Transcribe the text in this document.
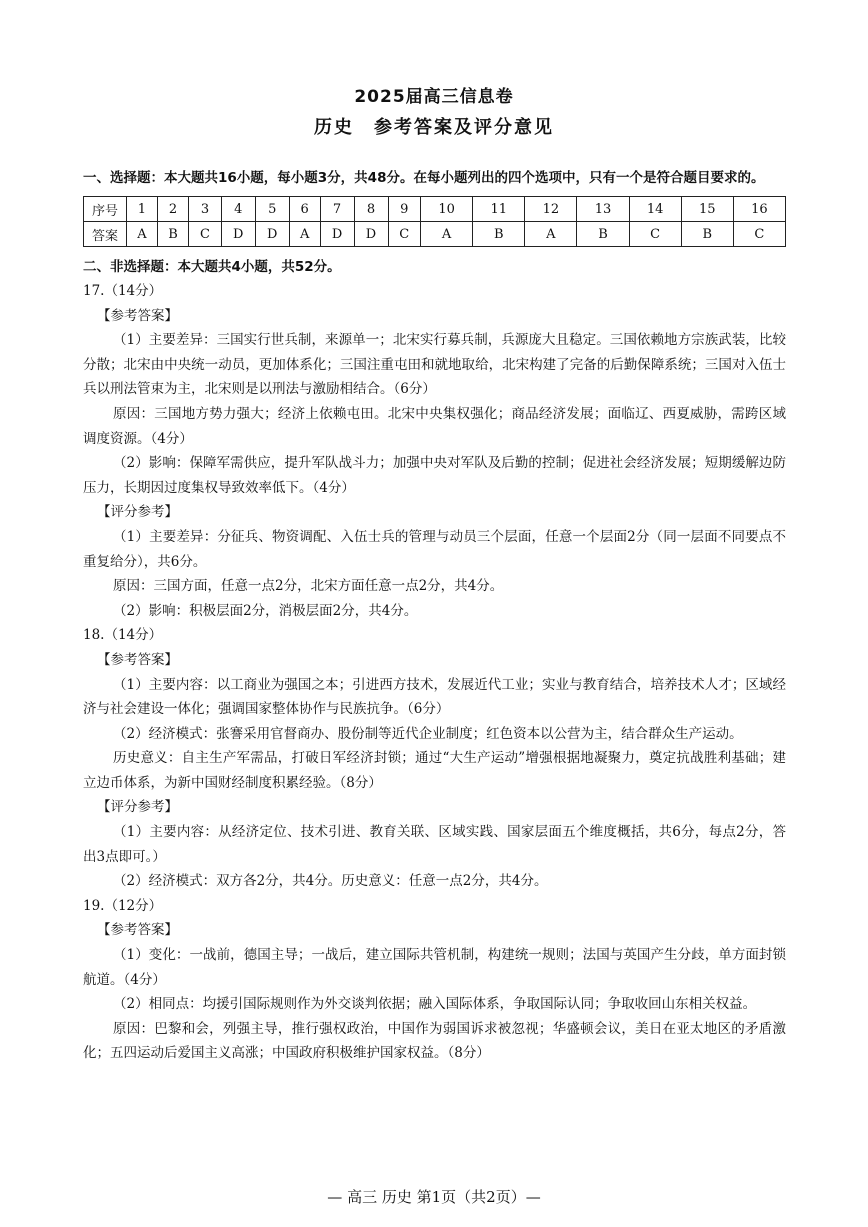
2025届高三信息卷
历史　参考答案及评分意见
一、选择题：本大题共16小题，每小题3分，共48分。在每小题列出的四个选项中，只有一个是符合题目要求的。
序号	1	2	3	4	5	6	7	8	9	10	11	12	13	14	15	16
答案	A	B	C	D	D	A	D	D	C	A	B	A	B	C	B	C
二、非选择题：本大题共4小题，共52分。
17.（14分）
【参考答案】
（1）主要差异：三国实行世兵制，来源单一；北宋实行募兵制，兵源庞大且稳定。三国依赖地方宗族武装，比较分散；北宋由中央统一动员，更加体系化；三国注重屯田和就地取给，北宋构建了完备的后勤保障系统；三国对入伍士兵以刑法管束为主，北宋则是以刑法与激励相结合。（6分）
原因：三国地方势力强大；经济上依赖屯田。北宋中央集权强化；商品经济发展；面临辽、西夏威胁，需跨区域调度资源。（4分）
（2）影响：保障军需供应，提升军队战斗力；加强中央对军队及后勤的控制；促进社会经济发展；短期缓解边防压力，长期因过度集权导致效率低下。（4分）
【评分参考】
（1）主要差异：分征兵、物资调配、入伍士兵的管理与动员三个层面，任意一个层面2分（同一层面不同要点不重复给分），共6分。
原因：三国方面，任意一点2分，北宋方面任意一点2分，共4分。
（2）影响：积极层面2分，消极层面2分，共4分。
18.（14分）
【参考答案】
（1）主要内容：以工商业为强国之本；引进西方技术，发展近代工业；实业与教育结合，培养技术人才；区域经济与社会建设一体化；强调国家整体协作与民族抗争。（6分）
（2）经济模式：张謇采用官督商办、股份制等近代企业制度；红色资本以公营为主，结合群众生产运动。
历史意义：自主生产军需品，打破日军经济封锁；通过“大生产运动”增强根据地凝聚力，奠定抗战胜利基础；建立边币体系，为新中国财经制度积累经验。（8分）
【评分参考】
（1）主要内容：从经济定位、技术引进、教育关联、区域实践、国家层面五个维度概括，共6分，每点2分，答出3点即可。）
（2）经济模式：双方各2分，共4分。历史意义：任意一点2分，共4分。
19.（12分）
【参考答案】
（1）变化：一战前，德国主导；一战后，建立国际共管机制，构建统一规则；法国与英国产生分歧，单方面封锁航道。（4分）
（2）相同点：均援引国际规则作为外交谈判依据；融入国际体系，争取国际认同；争取收回山东相关权益。
原因：巴黎和会，列强主导，推行强权政治，中国作为弱国诉求被忽视；华盛顿会议，美日在亚太地区的矛盾激化；五四运动后爱国主义高涨；中国政府积极维护国家权益。（8分）
— 高三 历史 第1页（共2页）—
